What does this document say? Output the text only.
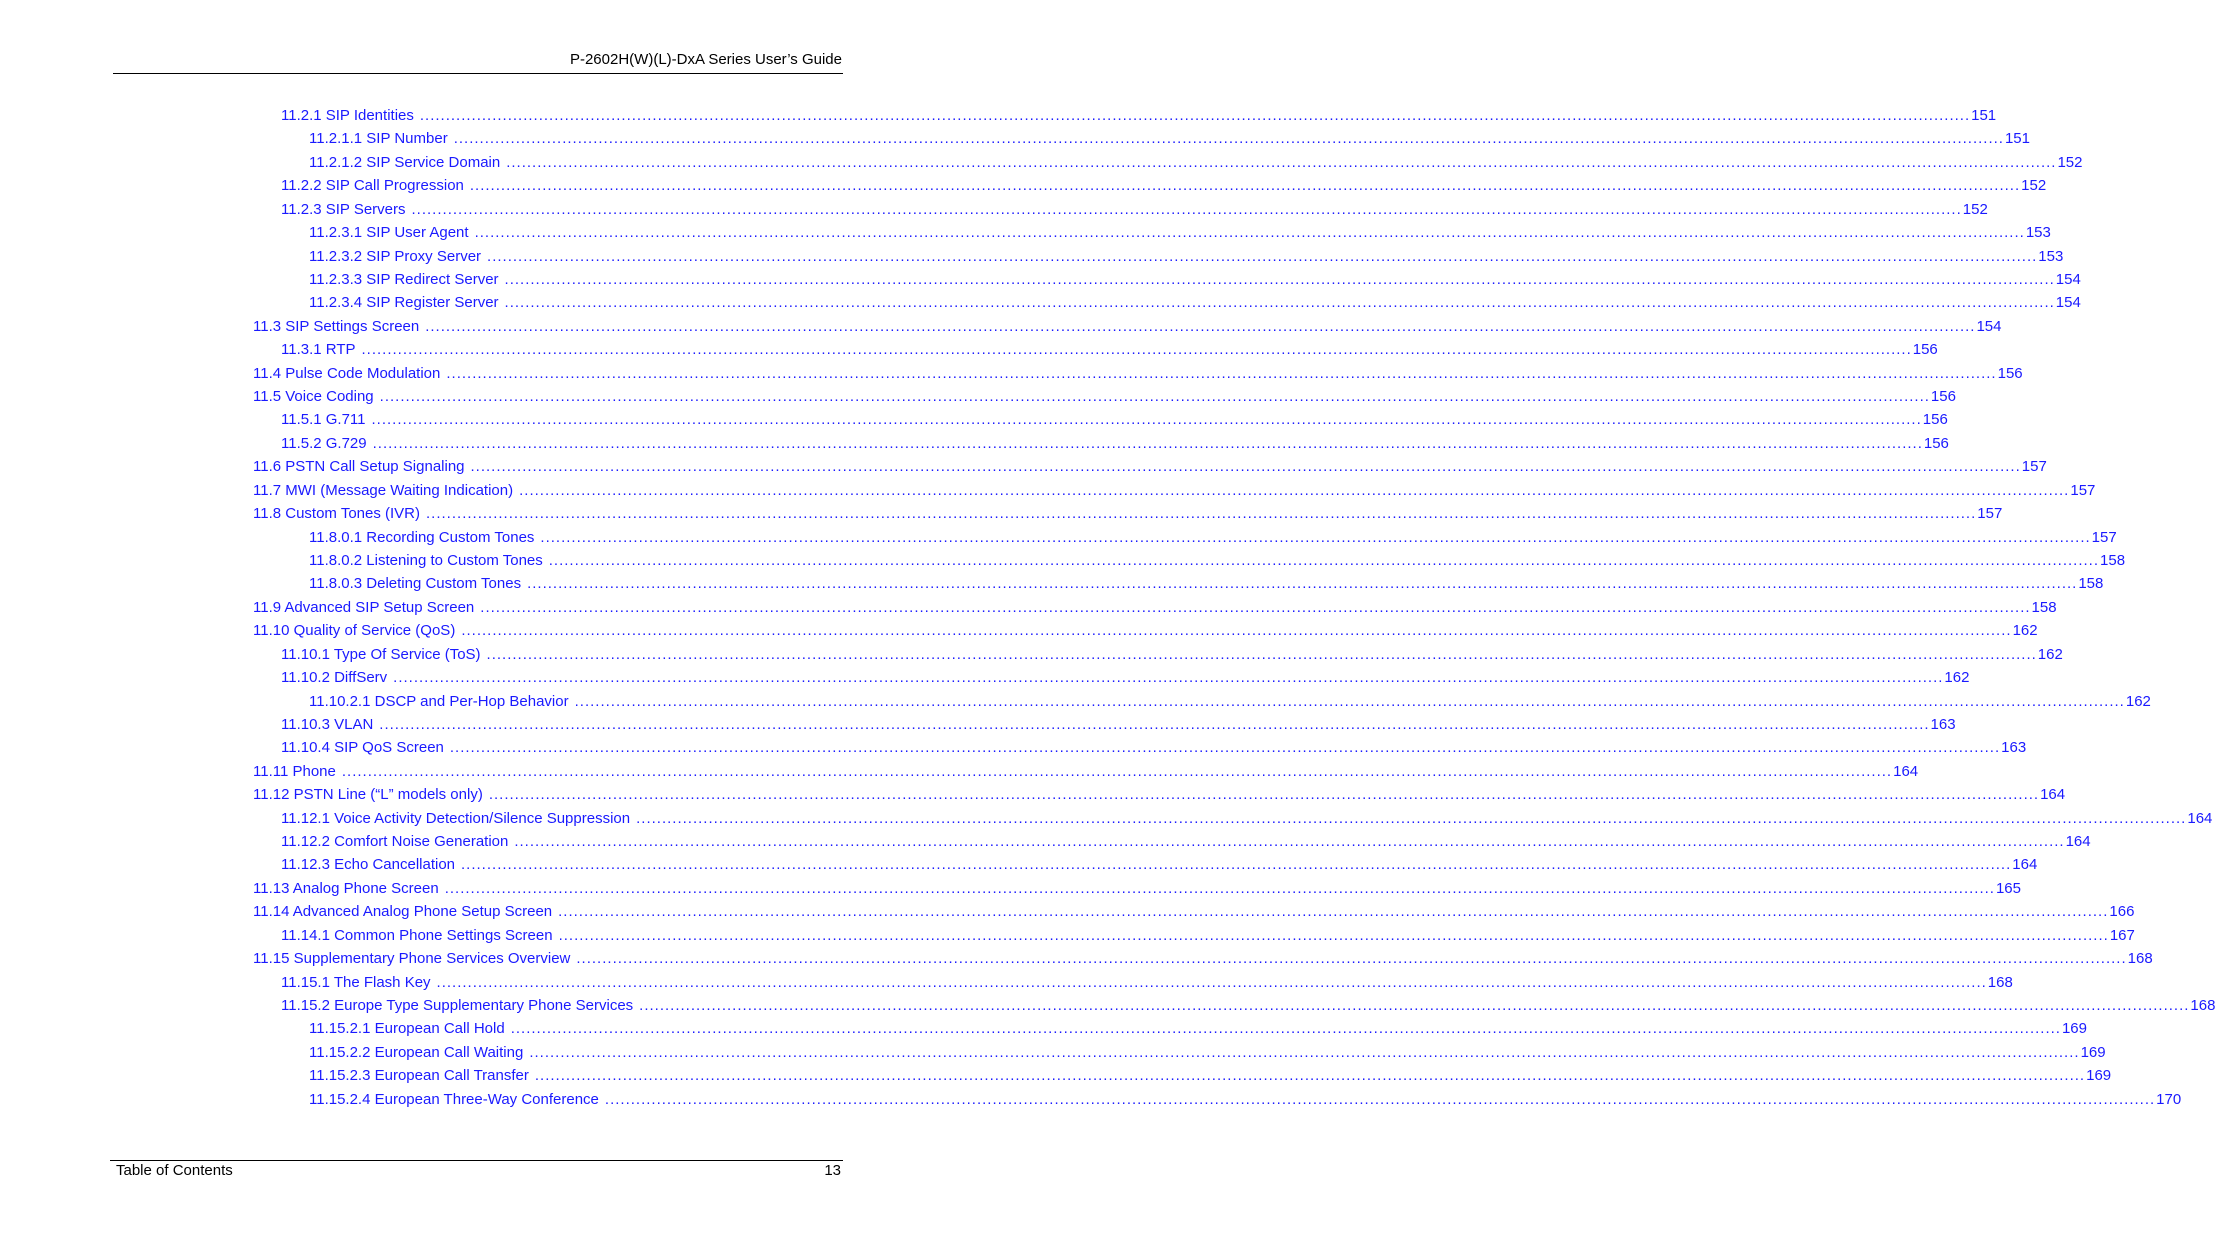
P-2602H(W)(L)-DxA Series User’s Guide
11.2.1 SIP Identities ............................................................................................................................................................................................................................................................................................................ 151
11.2.1.1 SIP Number ............................................................................................................................................................................................................................................................................................................ 151
11.2.1.2 SIP Service Domain ............................................................................................................................................................................................................................................................................................................ 152
11.2.2 SIP Call Progression ............................................................................................................................................................................................................................................................................................................ 152
11.2.3 SIP Servers ............................................................................................................................................................................................................................................................................................................ 152
11.2.3.1 SIP User Agent ............................................................................................................................................................................................................................................................................................................ 153
11.2.3.2 SIP Proxy Server ............................................................................................................................................................................................................................................................................................................ 153
11.2.3.3 SIP Redirect Server ............................................................................................................................................................................................................................................................................................................ 154
11.2.3.4 SIP Register Server ............................................................................................................................................................................................................................................................................................................ 154
11.3 SIP Settings Screen ............................................................................................................................................................................................................................................................................................................ 154
11.3.1 RTP ............................................................................................................................................................................................................................................................................................................ 156
11.4 Pulse Code Modulation ............................................................................................................................................................................................................................................................................................................ 156
11.5 Voice Coding ............................................................................................................................................................................................................................................................................................................ 156
11.5.1 G.711 ............................................................................................................................................................................................................................................................................................................ 156
11.5.2 G.729 ............................................................................................................................................................................................................................................................................................................ 156
11.6 PSTN Call Setup Signaling ............................................................................................................................................................................................................................................................................................................ 157
11.7 MWI (Message Waiting Indication) ............................................................................................................................................................................................................................................................................................................ 157
11.8 Custom Tones (IVR) ............................................................................................................................................................................................................................................................................................................ 157
11.8.0.1 Recording Custom Tones ............................................................................................................................................................................................................................................................................................................ 157
11.8.0.2 Listening to Custom Tones ............................................................................................................................................................................................................................................................................................................ 158
11.8.0.3 Deleting Custom Tones ............................................................................................................................................................................................................................................................................................................ 158
11.9 Advanced SIP Setup Screen ............................................................................................................................................................................................................................................................................................................ 158
11.10 Quality of Service (QoS) ............................................................................................................................................................................................................................................................................................................ 162
11.10.1 Type Of Service (ToS) ............................................................................................................................................................................................................................................................................................................ 162
11.10.2 DiffServ ............................................................................................................................................................................................................................................................................................................ 162
11.10.2.1 DSCP and Per-Hop Behavior ............................................................................................................................................................................................................................................................................................................ 162
11.10.3 VLAN ............................................................................................................................................................................................................................................................................................................ 163
11.10.4 SIP QoS Screen ............................................................................................................................................................................................................................................................................................................ 163
11.11 Phone ............................................................................................................................................................................................................................................................................................................ 164
11.12 PSTN Line (“L” models only) ............................................................................................................................................................................................................................................................................................................ 164
11.12.1 Voice Activity Detection/Silence Suppression ............................................................................................................................................................................................................................................................................................................ 164
11.12.2 Comfort Noise Generation ............................................................................................................................................................................................................................................................................................................ 164
11.12.3 Echo Cancellation ............................................................................................................................................................................................................................................................................................................ 164
11.13 Analog Phone Screen ............................................................................................................................................................................................................................................................................................................ 165
11.14 Advanced Analog Phone Setup Screen ............................................................................................................................................................................................................................................................................................................ 166
11.14.1 Common Phone Settings Screen ............................................................................................................................................................................................................................................................................................................ 167
11.15 Supplementary Phone Services Overview ............................................................................................................................................................................................................................................................................................................ 168
11.15.1 The Flash Key ............................................................................................................................................................................................................................................................................................................ 168
11.15.2 Europe Type Supplementary Phone Services ............................................................................................................................................................................................................................................................................................................ 168
11.15.2.1 European Call Hold ............................................................................................................................................................................................................................................................................................................ 169
11.15.2.2 European Call Waiting ............................................................................................................................................................................................................................................................................................................ 169
11.15.2.3 European Call Transfer ............................................................................................................................................................................................................................................................................................................ 169
11.15.2.4 European Three-Way Conference ............................................................................................................................................................................................................................................................................................................ 170
Table of Contents	13
